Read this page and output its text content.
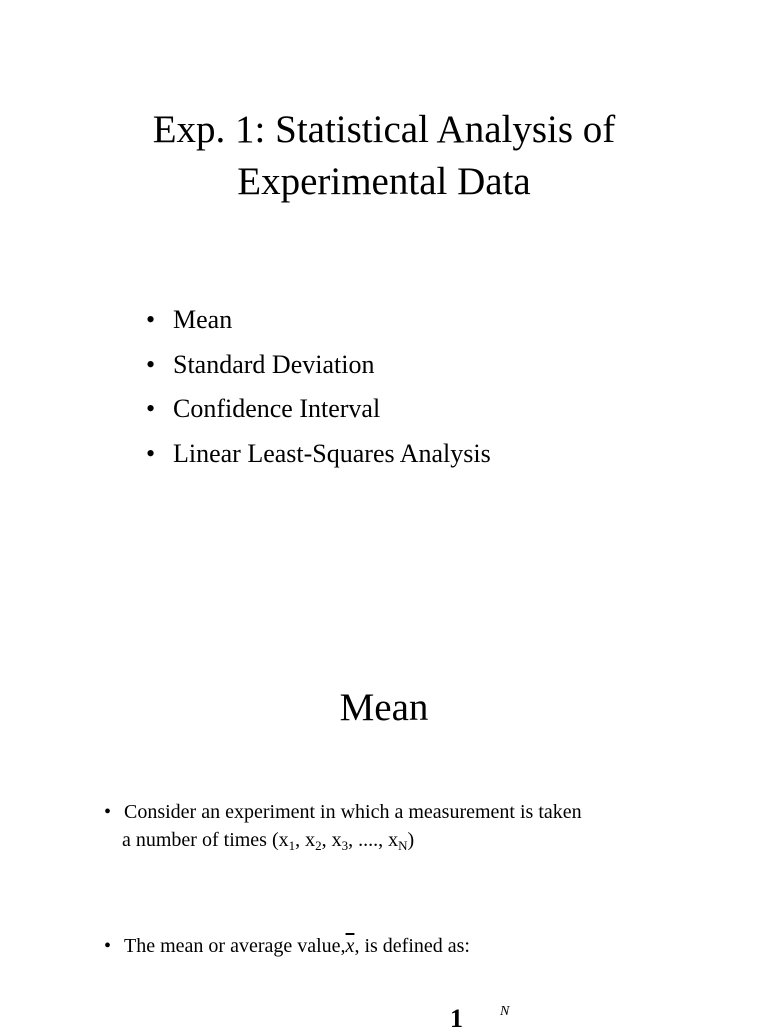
Exp. 1: Statistical Analysis of
Experimental Data
• Mean
• Standard Deviation
• Confidence Interval
• Linear Least-Squares Analysis
Mean
• Consider an experiment in which a measurement is taken
a number of times ($x_1$, $x_2$, $x_3$, ...., $x_N$)
• The mean or average $value,\overline{x}$, is defined as:
1	N
